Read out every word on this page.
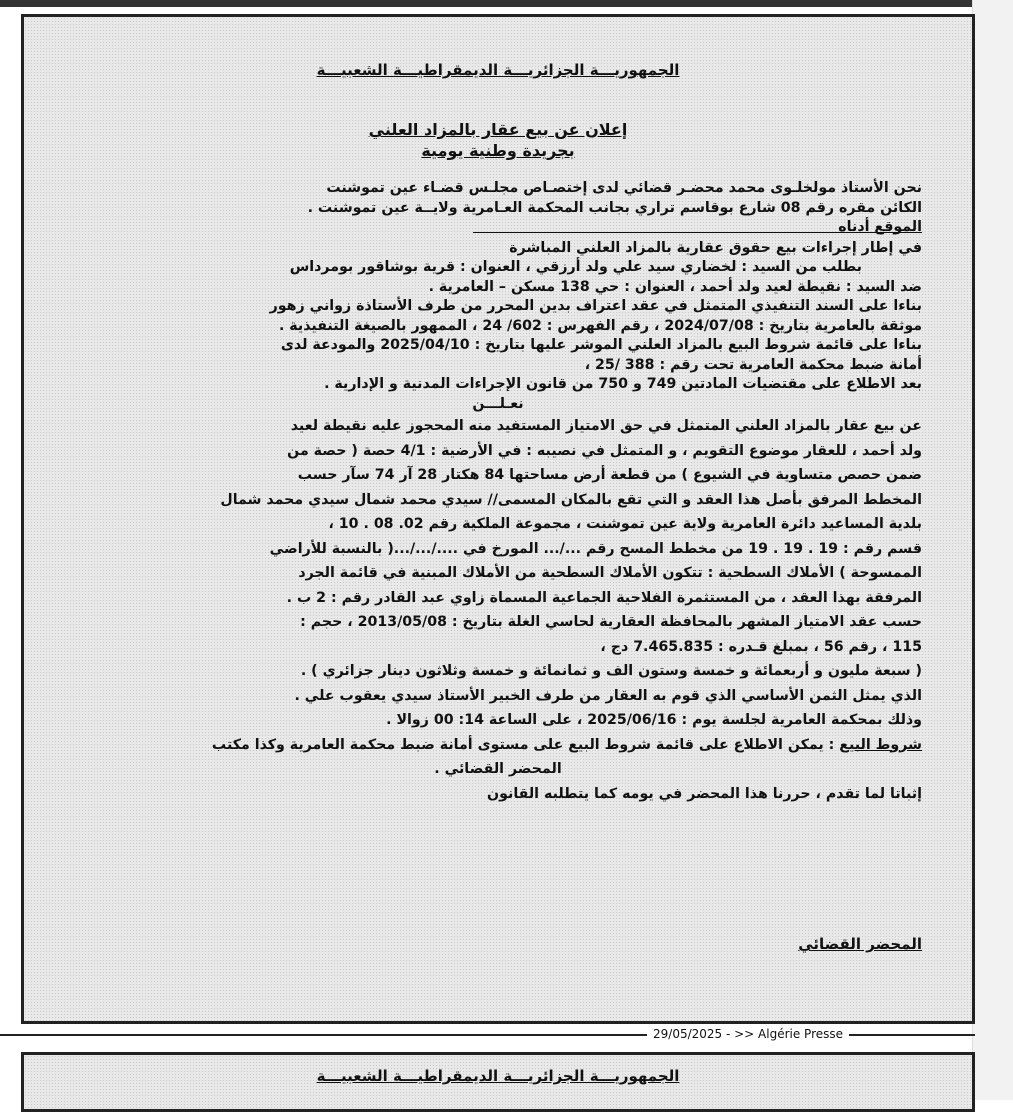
الجمهوريـــة الجزائريـــة الديمقراطيـــة الشعبيـــة
إعلان عن بيع عقار بالمزاد العلني
بجريدة وطنية يومية

نحن الأستاذ مولخلـوى محمد محضـر قضائي لدى إختصـاص مجلـس قضـاء عين تموشنت

الكائن مقره رقم 08 شارع بوقاسم تراري بجانب المحكمة العـامرية ولايــة عين تموشنت .

الموقع أدناه

في إطار إجراءات بيع حقوق عقارية بالمزاد العلني المباشرة

بطلب من السيد : لخضاري سيد علي ولد أرزقي ، العنوان : قرية بوشاقور بومرداس

ضد السيد : نقيطة لعيد ولد أحمد ، العنوان : حي 138 مسكن – العامرية .

بناءا على السند التنفيذي المتمثل في عقد اعتراف بدين المحرر من طرف الأستاذة زواني زهور

موثقة بالعامرية بتاريخ : 2024/07/08 ، رقم الفهرس : 602/ 24 ، الممهور بالصيغة التنفيذية .

بناءا على قائمة شروط البيع بالمزاد العلني الموشر عليها بتاريخ : 2025/04/10 والمودعة لدى

أمانة ضبط محكمة العامرية تحت رقم : 388 /25 ،

بعد الاطلاع على مقتضيات المادتين 749 و 750 من قانون الإجراءات المدنية و الإدارية .

نعـلـــن

عن بيع عقار بالمزاد العلني المتمثل في حق الامتياز المستفيد منه المحجوز عليه نقيطة لعيد

ولد أحمد ، للعقار موضوع التقويم ، و المتمثل في نصيبه : في الأرضية : 4/1 حصة ( حصة من

ضمن حصص متساوية في الشيوع ) من قطعة أرض مساحتها 84 هكتار 28 آر 74 سآر حسب

المخطط المرفق بأصل هذا العقد و التي تقع بالمكان المسمى// سيدي محمد شمال سيدي محمد شمال

بلدية المساعيد دائرة العامرية ولاية عين تموشنت ، مجموعة الملكية رقم 02. 08 . 10 ،

قسم رقم : 19 . 19 . 19 من مخطط المسح رقم .../... المورخ في ..../.../...( بالنسبة للأراضي

الممسوحة ) الأملاك السطحية : تتكون الأملاك السطحية من الأملاك المبنية في قائمة الجرد

المرفقة بهذا العقد ، من المستثمرة الفلاحية الجماعية المسماة زاوي عبد القادر رقم : 2 ب .

حسب عقد الامتياز المشهر بالمحافظة العقارية لحاسي الغلة بتاريخ : 2013/05/08 ، حجم :

115 ، رقم 56 ، بمبلغ قـدره : 7.465.835 دج ،

( سبعة مليون و أربعمائة و خمسة وستون الف و ثمانمائة و خمسة وثلاثون دينار جزائري ) .

الذي يمثل الثمن الأساسي الذي قوم به العقار من طرف الخبير الأستاذ سيدي يعقوب علي .

وذلك بمحكمة العامرية لجلسة يوم : 2025/06/16 ، على الساعة 14: 00 زوالا .

شروط البيع : يمكن الاطلاع على قائمة شروط البيع على مستوى أمانة ضبط محكمة العامرية وكذا مكتب

المحضر القضائي .

إثباتا لما تقدم ، حررنا هذا المحضر في يومه كما يتطلبه القانون

المحضر القضائي
29/05/2025 - >> Algérie Presse
الجمهوريـــة الجزائريـــة الديمقراطيـــة الشعبيـــة
